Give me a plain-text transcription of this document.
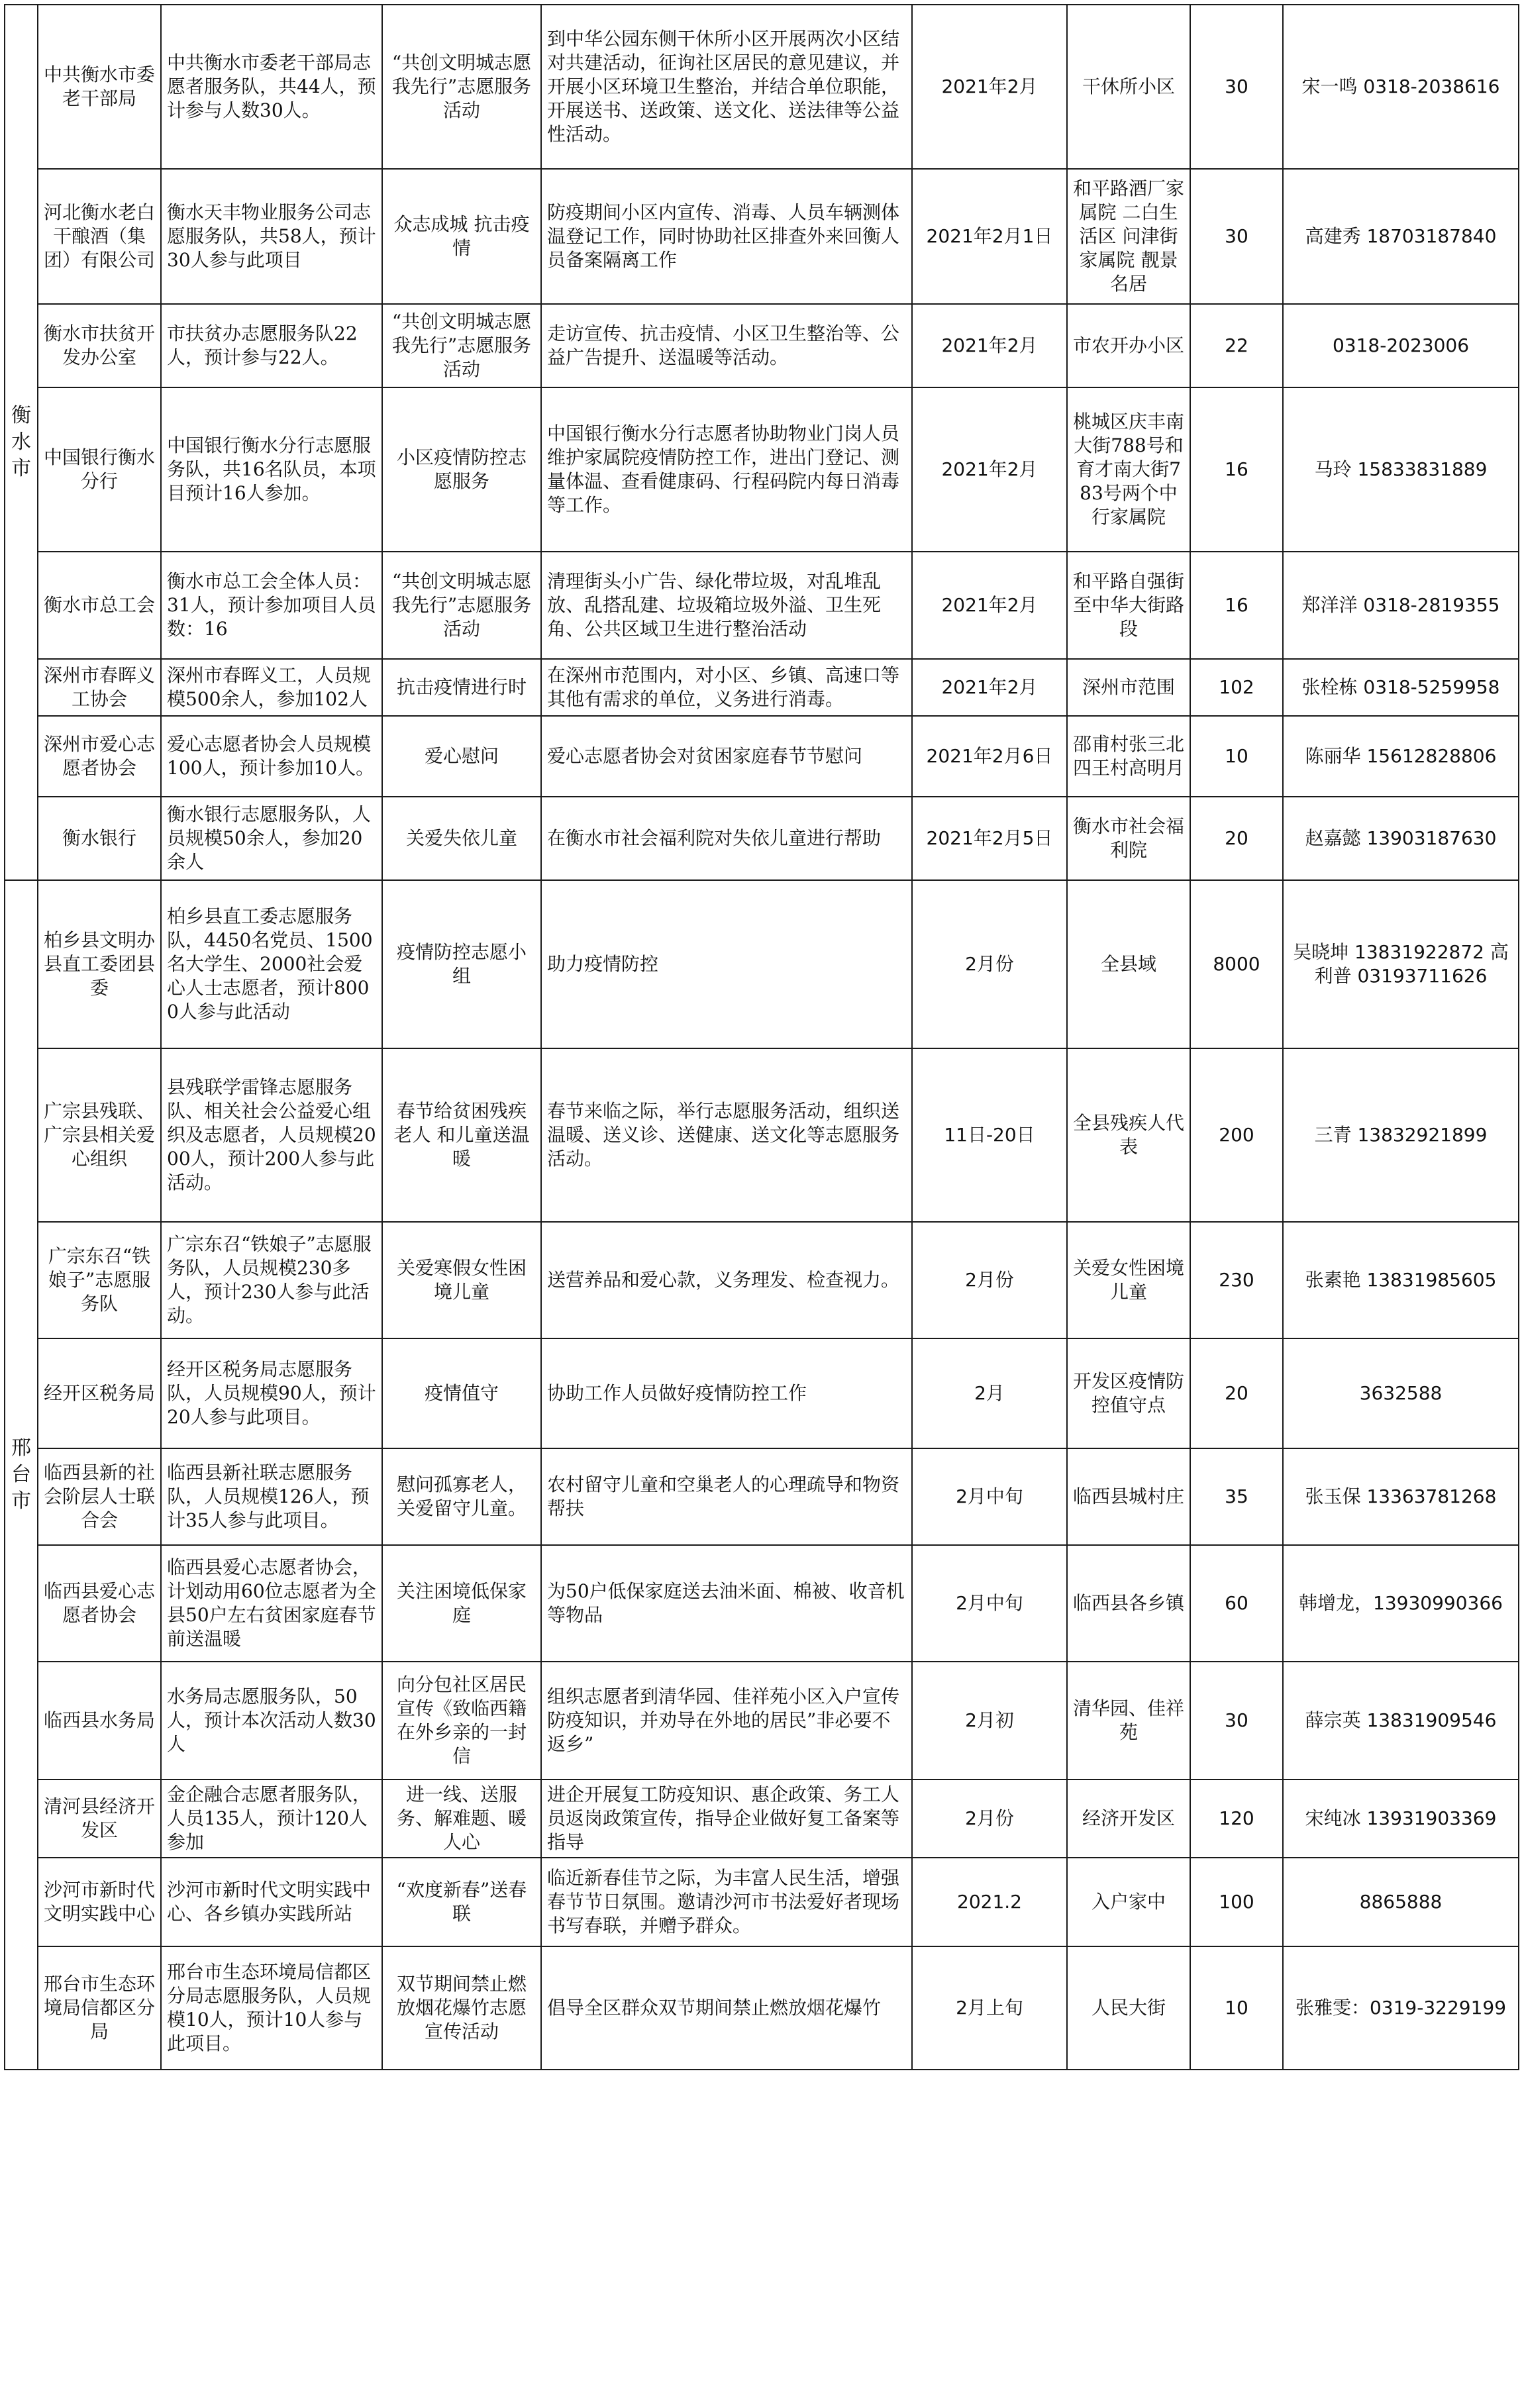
衡水市	中共衡水市委老干部局	中共衡水市委老干部局志愿者服务队，共44人，预计参与人数30人。	“共创文明城志愿我先行”志愿服务活动	到中华公园东侧干休所小区开展两次小区结对共建活动，征询社区居民的意见建议，并开展小区环境卫生整治，并结合单位职能，开展送书、送政策、送文化、送法律等公益性活动。	2021年2月	干休所小区	30	宋一鸣 0318-2038616
	河北衡水老白干酿酒（集团）有限公司	衡水天丰物业服务公司志愿服务队，共58人，预计30人参与此项目	众志成城 抗击疫情	防疫期间小区内宣传、消毒、人员车辆测体温登记工作，同时协助社区排查外来回衡人员备案隔离工作	2021年2月1日	和平路酒厂家属院 二白生活区 问津街家属院 靓景名居	30	高建秀 18703187840
	衡水市扶贫开发办公室	市扶贫办志愿服务队22人，预计参与22人。	“共创文明城志愿我先行”志愿服务活动	走访宣传、抗击疫情、小区卫生整治等、公益广告提升、送温暖等活动。	2021年2月	市农开办小区	22	0318-2023006
	中国银行衡水分行	中国银行衡水分行志愿服务队，共16名队员，本项目预计16人参加。	小区疫情防控志愿服务	中国银行衡水分行志愿者协助物业门岗人员维护家属院疫情防控工作，进出门登记、测量体温、查看健康码、行程码院内每日消毒等工作。	2021年2月	桃城区庆丰南大街788号和育才南大街783号两个中行家属院	16	马玲 15833831889
	衡水市总工会	衡水市总工会全体人员：31人，预计参加项目人员数：16	“共创文明城志愿我先行”志愿服务活动	清理街头小广告、绿化带垃圾，对乱堆乱放、乱搭乱建、垃圾箱垃圾外溢、卫生死角、公共区域卫生进行整治活动	2021年2月	和平路自强街至中华大街路段	16	郑洋洋 0318-2819355
	深州市春晖义工协会	深州市春晖义工，人员规模500余人，参加102人	抗击疫情进行时	在深州市范围内，对小区、乡镇、高速口等其他有需求的单位，义务进行消毒。	2021年2月	深州市范围	102	张栓栋 0318-5259958
	深州市爱心志愿者协会	爱心志愿者协会人员规模100人，预计参加10人。	爱心慰问	爱心志愿者协会对贫困家庭春节节慰问	2021年2月6日	邵甫村张三北四王村高明月	10	陈丽华 15612828806
	衡水银行	衡水银行志愿服务队，人员规模50余人，参加20余人	关爱失依儿童	在衡水市社会福利院对失依儿童进行帮助	2021年2月5日	衡水市社会福利院	20	赵嘉懿 13903187630

邢台市	柏乡县文明办 县直工委团县委	柏乡县直工委志愿服务队，4450名党员、1500名大学生、2000社会爱心人士志愿者，预计8000人参与此活动	疫情防控志愿小组	助力疫情防控	2月份	全县域	8000	吴晓坤 13831922872 高利普 03193711626
	广宗县残联、广宗县相关爱心组织	县残联学雷锋志愿服务队、相关社会公益爱心组织及志愿者，人员规模2000人，预计200人参与此活动。	春节给贫困残疾老人 和儿童送温暖	春节来临之际，举行志愿服务活动，组织送温暖、送义诊、送健康、送文化等志愿服务活动。	11日-20日	全县残疾人代表	200	三青 13832921899
	广宗东召“铁娘子”志愿服务队	广宗东召“铁娘子”志愿服务队，人员规模230多人，预计230人参与此活动。	关爱寒假女性困境儿童	送营养品和爱心款，义务理发、检查视力。	2月份	关爱女性困境儿童	230	张素艳 13831985605
	经开区税务局	经开区税务局志愿服务队，人员规模90人，预计20人参与此项目。	疫情值守	协助工作人员做好疫情防控工作	2月	开发区疫情防控值守点	20	3632588
	临西县新的社会阶层人士联合会	临西县新社联志愿服务队，人员规模126人，预计35人参与此项目。	慰问孤寡老人，关爱留守儿童。	农村留守儿童和空巢老人的心理疏导和物资帮扶	2月中旬	临西县城村庄	35	张玉保 13363781268
	临西县爱心志愿者协会	临西县爱心志愿者协会，计划动用60位志愿者为全县50户左右贫困家庭春节前送温暖	关注困境低保家庭	为50户低保家庭送去油米面、棉被、收音机等物品	2月中旬	临西县各乡镇	60	韩增龙，13930990366
	临西县水务局	水务局志愿服务队，50人，预计本次活动人数30人	向分包社区居民宣传《致临西籍在外乡亲的一封信	组织志愿者到清华园、佳祥苑小区入户宣传防疫知识，并劝导在外地的居民”非必要不返乡”	2月初	清华园、佳祥苑	30	薛宗英 13831909546
	清河县经济开发区	金企融合志愿者服务队，人员135人，预计120人参加	进一线、送服务、解难题、暖人心	进企开展复工防疫知识、惠企政策、务工人员返岗政策宣传，指导企业做好复工备案等指导	2月份	经济开发区	120	宋纯冰 13931903369
	沙河市新时代文明实践中心	沙河市新时代文明实践中心、各乡镇办实践所站	“欢度新春”送春联	临近新春佳节之际，为丰富人民生活，增强春节节日氛围。邀请沙河市书法爱好者现场书写春联，并赠予群众。	2021.2	入户家中	100	8865888
	邢台市生态环境局信都区分局	邢台市生态环境局信都区分局志愿服务队，人员规模10人，预计10人参与此项目。	双节期间禁止燃放烟花爆竹志愿宣传活动	倡导全区群众双节期间禁止燃放烟花爆竹	2月上旬	人民大街	10	张雅雯：0319-3229199
